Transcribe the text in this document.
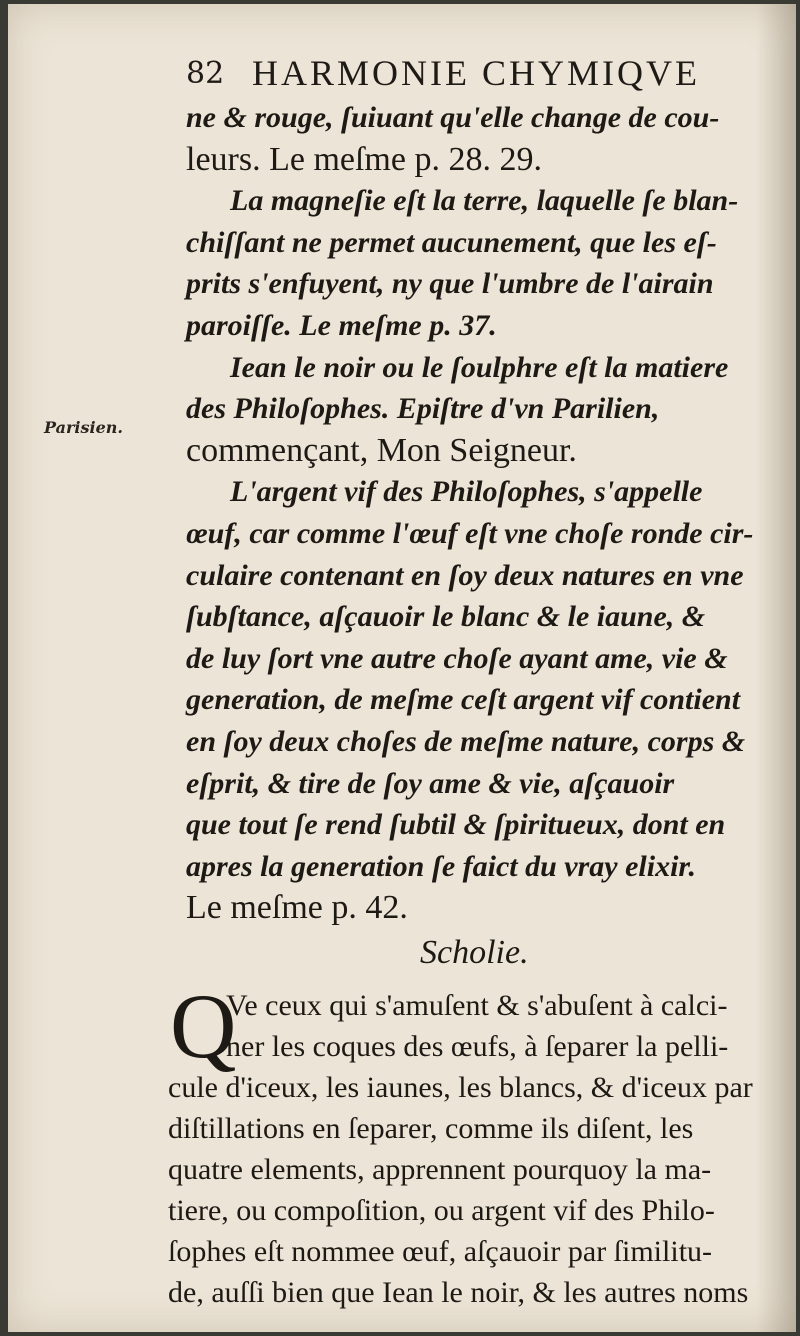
82 HARMONIE CHYMIQVE
Parisien.
ne & rouge, ſuiuant qu'elle change de cou-
leurs. Le meſme p. 28. 29.
La magneſie eſt la terre, laquelle ſe blan-
chiſſant ne permet aucunement, que les eſ-
prits s'enfuyent, ny que l'umbre de l'airain
paroiſſe. Le meſme p. 37.
Iean le noir ou le ſoulphre eſt la matiere
des Philoſophes. Epiſtre d'vn Parilien,
commençant, Mon Seigneur.
L'argent vif des Philoſophes, s'appelle
œuf, car comme l'œuf eſt vne choſe ronde cir-
culaire contenant en ſoy deux natures en vne
ſubſtance, aſçauoir le blanc & le iaune, &
de luy ſort vne autre choſe ayant ame, vie &
generation, de meſme ceſt argent vif contient
en ſoy deux choſes de meſme nature, corps &
eſprit, & tire de ſoy ame & vie, aſçauoir
que tout ſe rend ſubtil & ſpiritueux, dont en
apres la generation ſe faict du vray elixir.
Le meſme p. 42.
Scholie.
Q
Ve ceux qui s'amuſent & s'abuſent à calci-
ner les coques des œufs, à ſeparer la pelli-
cule d'iceux, les iaunes, les blancs, & d'iceux par
diſtillations en ſeparer, comme ils diſent, les
quatre elements, apprennent pourquoy la ma-
tiere, ou compoſition, ou argent vif des Philo-
ſophes eſt nommee œuf, aſçauoir par ſimilitu-
de, auſſi bien que Iean le noir, & les autres noms
